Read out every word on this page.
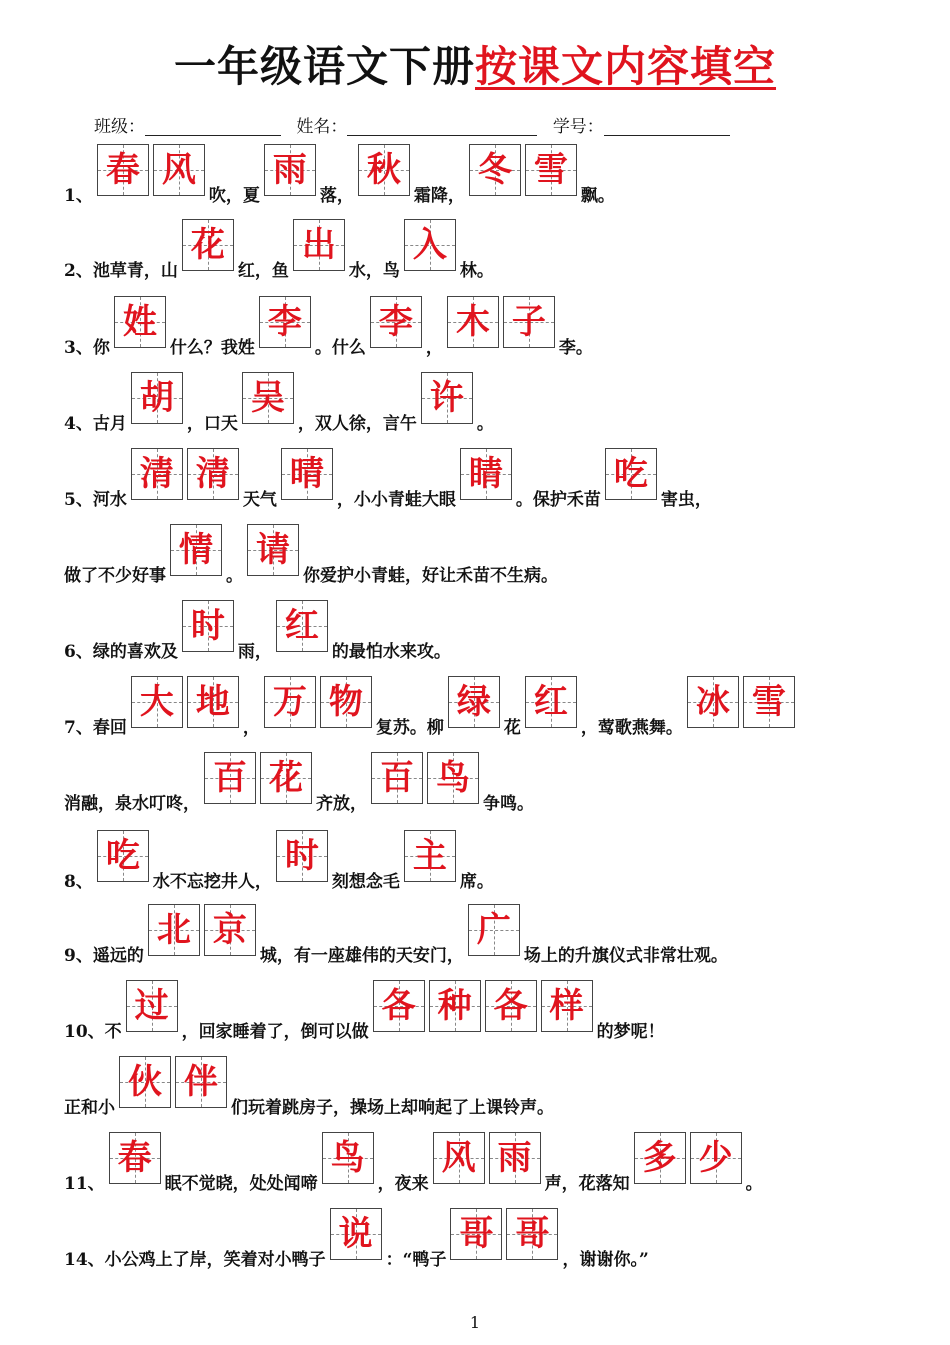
一年级语文下册按课文内容填空
班级：	姓名：	学号：
1、
春 风
吹，夏
雨
落，
秋
霜降，
冬 雪
飘。
2、池草青，山
花
红，鱼
出
水，鸟
入
林。
3、你
姓
什么？我姓
李
。什么
李
，
木 子
李。
4、古月
胡
，口天
吴
，双人徐，言午
许
。
5、河水
清 清
天气
晴
，小小青蛙大眼
睛
。保护禾苗
吃
害虫，
做了不少好事
情
。
请
你爱护小青蛙，好让禾苗不生病。
6、绿的喜欢及
时
雨，
红
的最怕水来攻。
7、春回
大 地
，
万 物
复苏。柳
绿
花
红
，莺歌燕舞。
冰 雪
消融，泉水叮咚，
百 花
齐放，
百 鸟
争鸣。
8、
吃
水不忘挖井人，
时
刻想念毛
主
席。
9、遥远的
北 京
城，有一座雄伟的天安门，
广
场上的升旗仪式非常壮观。
10、不
过
，回家睡着了，倒可以做
各 种 各 样
的梦呢！
正和小
伙 伴
们玩着跳房子，操场上却响起了上课铃声。
11、
春
眠不觉晓，处处闻啼
鸟
，夜来
风 雨
声，花落知
多 少
。
14、小公鸡上了岸，笑着对小鸭子
说
：“鸭子
哥 哥
，谢谢你。”
1
